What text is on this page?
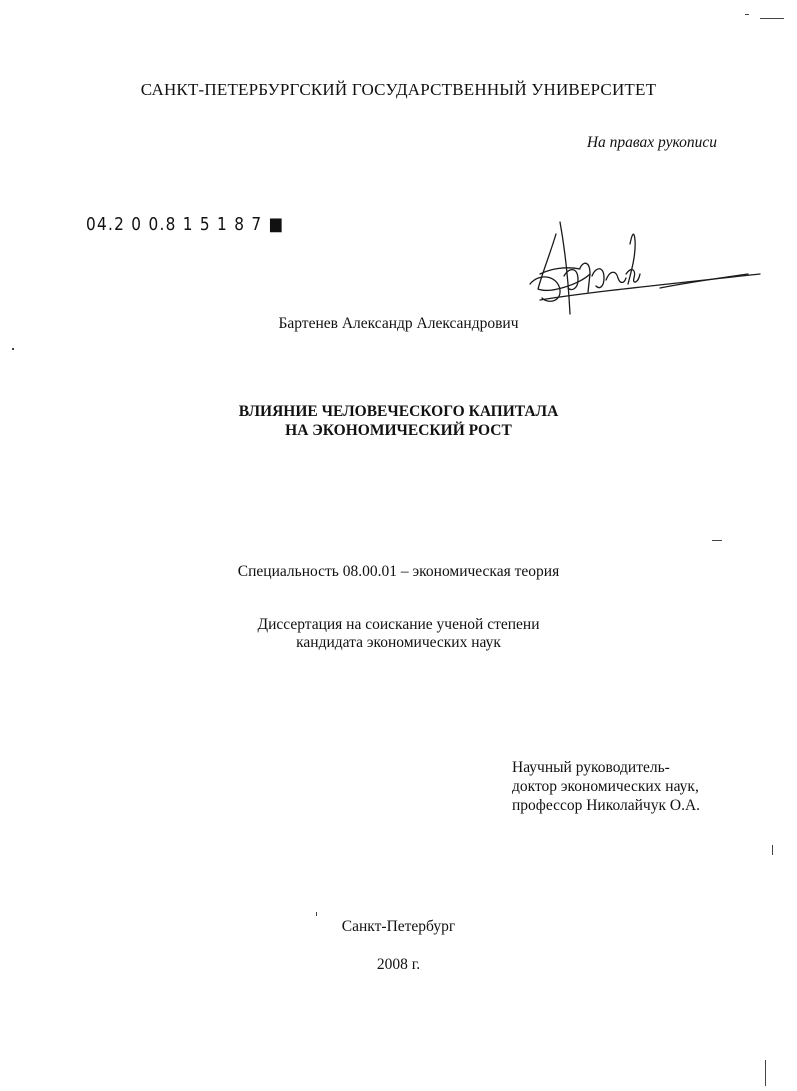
САНКТ-ПЕТЕРБУРГСКИЙ ГОСУДАРСТВЕННЫЙ УНИВЕРСИТЕТ
На правах рукописи
04.2 0 0.8 1 5 1 8 7 ■
Бартенев Александр Александрович
ВЛИЯНИЕ ЧЕЛОВЕЧЕСКОГО КАПИТАЛА
НА ЭКОНОМИЧЕСКИЙ РОСТ
Специальность 08.00.01 – экономическая теория
Диссертация на соискание ученой степени
кандидата экономических наук
Научный руководитель-
доктор экономических наук,
профессор Николайчук О.А.
Санкт-Петербург
2008 г.
